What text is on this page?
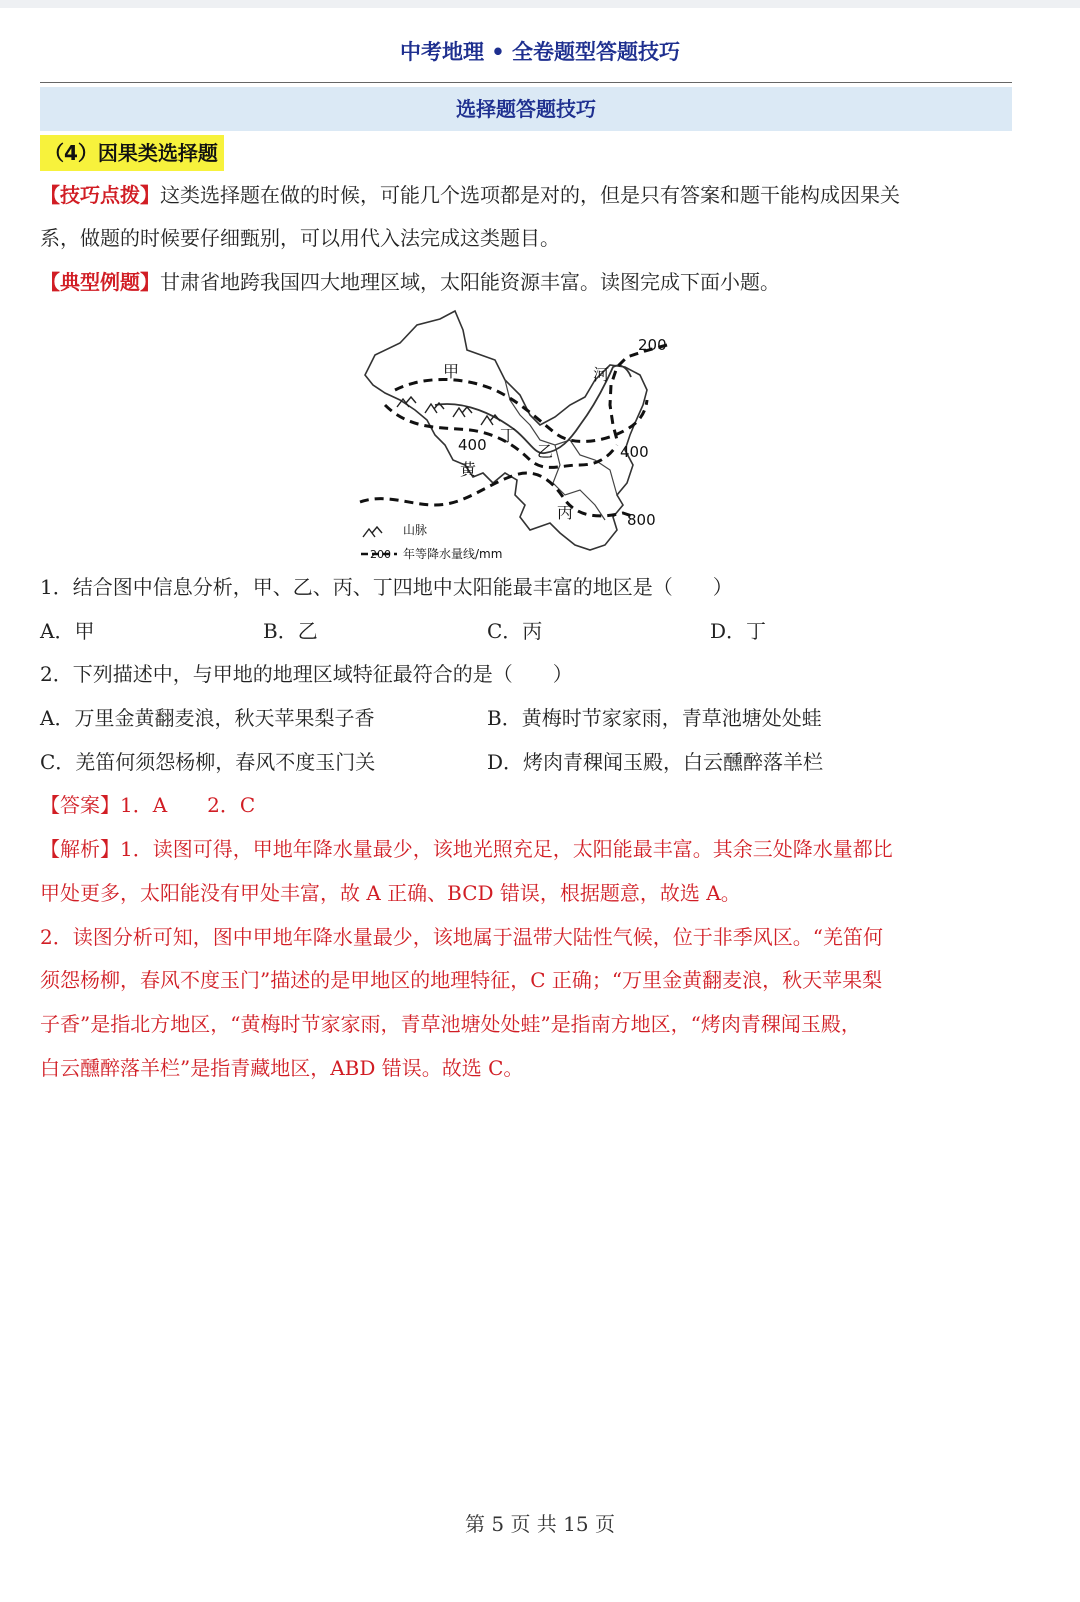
中考地理 • 全卷题型答题技巧
选择题答题技巧
（4）因果类选择题
【技巧点拨】这类选择题在做的时候，可能几个选项都是对的，但是只有答案和题干能构成因果关
系，做题的时候要仔细甄别，可以用代入法完成这类题目。
【典型例题】甘肃省地跨我国四大地理区域，太阳能资源丰富。读图完成下面小题。
甲	河
200
丁
400	乙	400
黄
丙	800
山脉
200 年等降水量线/mm
1．结合图中信息分析，甲、乙、丙、丁四地中太阳能最丰富的地区是（　　）
A．甲	B．乙	C．丙	D．丁
2．下列描述中，与甲地的地理区域特征最符合的是（　　）
A．万里金黄翻麦浪，秋天苹果梨子香	B．黄梅时节家家雨，青草池塘处处蛙
C．羌笛何须怨杨柳，春风不度玉门关	D．烤肉青稞闻玉殿，白云醺醉落羊栏
【答案】1．A　　2．C
【解析】1．读图可得，甲地年降水量最少，该地光照充足，太阳能最丰富。其余三处降水量都比
甲处更多，太阳能没有甲处丰富，故 A 正确、BCD 错误，根据题意，故选 A。
2．读图分析可知，图中甲地年降水量最少，该地属于温带大陆性气候，位于非季风区。“羌笛何
须怨杨柳，春风不度玉门”描述的是甲地区的地理特征，C 正确；“万里金黄翻麦浪，秋天苹果梨
子香”是指北方地区，“黄梅时节家家雨，青草池塘处处蛙”是指南方地区，“烤肉青稞闻玉殿，
白云醺醉落羊栏”是指青藏地区，ABD 错误。故选 C。
第 5 页 共 15 页
